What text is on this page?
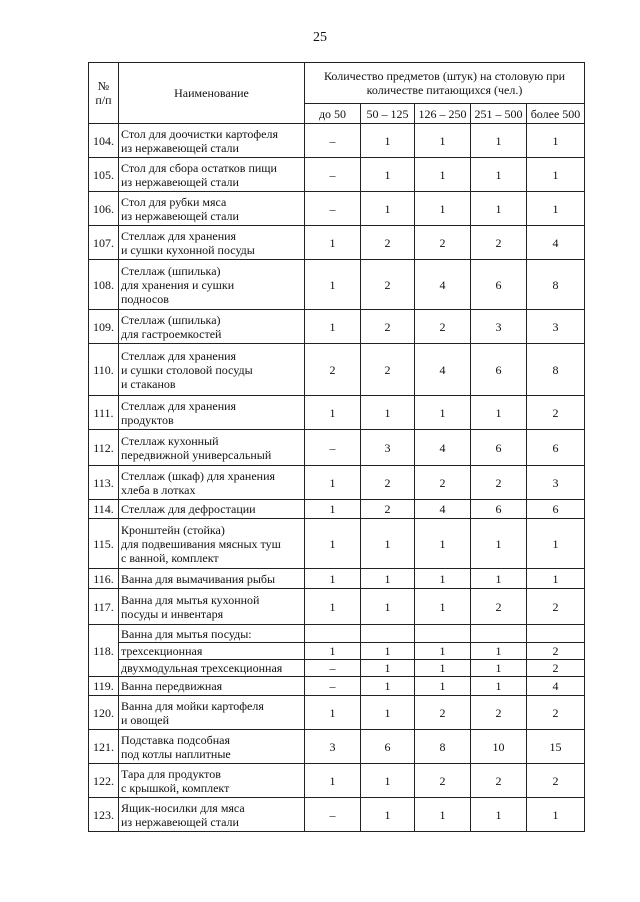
25
№
п/п	Наименование	Количество предметов (штук) на столовую при количестве питающихся (чел.)				
		до 50	50 – 125	126 – 250	251 – 500	более 500
104.	Стол для доочистки картофеля
из нержавеющей стали	–	1	1	1	1
105.	Стол для сбора остатков пищи
из нержавеющей стали	–	1	1	1	1
106.	Стол для рубки мяса
из нержавеющей стали	–	1	1	1	1
107.	Стеллаж для хранения
и сушки кухонной посуды	1	2	2	2	4
108.	Стеллаж (шпилька)
для хранения и сушки
подносов	1	2	4	6	8
109.	Стеллаж (шпилька)
для гастроемкостей	1	2	2	3	3
110.	Стеллаж для хранения
и сушки столовой посуды
и стаканов	2	2	4	6	8
111.	Стеллаж для хранения
продуктов	1	1	1	1	2
112.	Стеллаж кухонный
передвижной универсальный	–	3	4	6	6
113.	Стеллаж (шкаф) для хранения
хлеба в лотках	1	2	2	2	3
114.	Стеллаж для дефростации	1	2	4	6	6
115.	Кронштейн (стойка)
для подвешивания мясных туш
с ванной, комплект	1	1	1	1	1
116.	Ванна для вымачивания рыбы	1	1	1	1	1
117.	Ванна для мытья кухонной
посуды и инвентаря	1	1	1	2	2
118.	Ванна для мытья посуды:					
	трехсекционная	1	1	1	1	2
	двухмодульная трехсекционная	–	1	1	1	2
119.	Ванна передвижная	–	1	1	1	4
120.	Ванна для мойки картофеля
и овощей	1	1	2	2	2
121.	Подставка подсобная
под котлы наплитные	3	6	8	10	15
122.	Тара для продуктов
с крышкой, комплект	1	1	2	2	2
123.	Ящик-носилки для мяса
из нержавеющей стали	–	1	1	1	1
